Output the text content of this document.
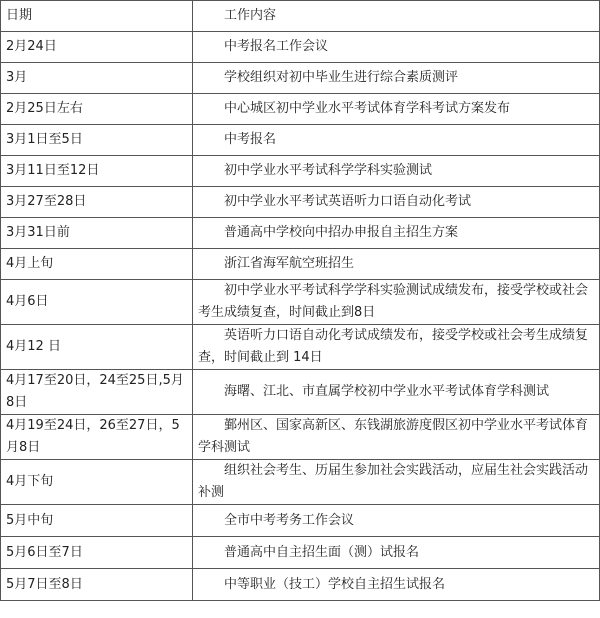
日期	工作内容
2月24日	中考报名工作会议
3月	学校组织对初中毕业生进行综合素质测评
2月25日左右	中心城区初中学业水平考试体育学科考试方案发布
3月1日至5日	中考报名
3月11日至12日	初中学业水平考试科学学科实验测试
3月27至28日	初中学业水平考试英语听力口语自动化考试
3月31日前	普通高中学校向中招办申报自主招生方案
4月上旬	浙江省海军航空班招生
4月6日	初中学业水平考试科学学科实验测试成绩发布，接受学校或社会考生成绩复查，时间截止到8日
4月12 日	英语听力口语自动化考试成绩发布，接受学校或社会考生成绩复查，时间截止到 14日
4月17至20日，24至25日,5月8日	海曙、江北、市直属学校初中学业水平考试体育学科测试
4月19至24日，26至27日，5月8日	鄞州区、国家高新区、东钱湖旅游度假区初中学业水平考试体育学科测试
4月下旬	组织社会考生、历届生参加社会实践活动，应届生社会实践活动补测
5月中旬	全市中考考务工作会议
5月6日至7日	普通高中自主招生面（测）试报名
5月7日至8日	中等职业（技工）学校自主招生试报名
